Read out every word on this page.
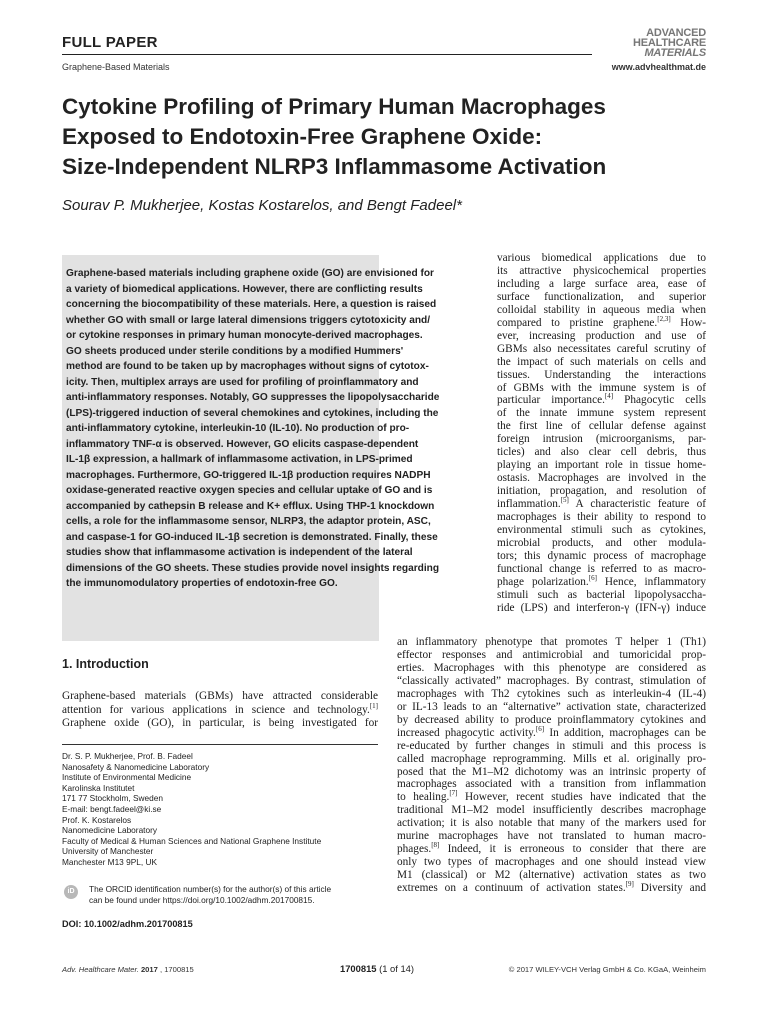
FULL PAPER
Graphene-Based Materials
ADVANCED
HEALTHCARE
MATERIALS
www.advhealthmat.de
Cytokine Profiling of Primary Human Macrophages
Exposed to Endotoxin-Free Graphene Oxide:
Size-Independent NLRP3 Inflammasome Activation
Sourav P. Mukherjee, Kostas Kostarelos, and Bengt Fadeel*
Graphene-based materials including graphene oxide (GO) are envisioned for
a variety of biomedical applications. However, there are conflicting results
concerning the biocompatibility of these materials. Here, a question is raised
whether GO with small or large lateral dimensions triggers cytotoxicity and/
or cytokine responses in primary human monocyte-derived macrophages.
GO sheets produced under sterile conditions by a modified Hummers'
method are found to be taken up by macrophages without signs of cytotox-
icity. Then, multiplex arrays are used for profiling of proinflammatory and
anti-inflammatory responses. Notably, GO suppresses the lipopolysaccharide
(LPS)-triggered induction of several chemokines and cytokines, including the
anti-inflammatory cytokine, interleukin-10 (IL-10). No production of pro-
inflammatory TNF-α is observed. However, GO elicits caspase-dependent
IL-1β expression, a hallmark of inflammasome activation, in LPS-primed
macrophages. Furthermore, GO-triggered IL-1β production requires NADPH
oxidase-generated reactive oxygen species and cellular uptake of GO and is
accompanied by cathepsin B release and K+ efflux. Using THP-1 knockdown
cells, a role for the inflammasome sensor, NLRP3, the adaptor protein, ASC,
and caspase-1 for GO-induced IL-1β secretion is demonstrated. Finally, these
studies show that inflammasome activation is independent of the lateral
dimensions of the GO sheets. These studies provide novel insights regarding
the immunomodulatory properties of endotoxin-free GO.
1. Introduction
Graphene-based materials (GBMs) have attracted considerable
attention for various applications in science and technology.[1]
Graphene oxide (GO), in particular, is being investigated for
Dr. S. P. Mukherjee, Prof. B. Fadeel
Nanosafety & Nanomedicine Laboratory
Institute of Environmental Medicine
Karolinska Institutet
171 77 Stockholm, Sweden
E-mail: bengt.fadeel@ki.se
Prof. K. Kostarelos
Nanomedicine Laboratory
Faculty of Medical & Human Sciences and National Graphene Institute
University of Manchester
Manchester M13 9PL, UK
iD	The ORCID identification number(s) for the author(s) of this article
can be found under https://doi.org/10.1002/adhm.201700815.
DOI: 10.1002/adhm.201700815
various biomedical applications due to
its attractive physicochemical properties
including a large surface area, ease of
surface functionalization, and superior
colloidal stability in aqueous media when
compared to pristine graphene.[2,3] How-
ever, increasing production and use of
GBMs also necessitates careful scrutiny of
the impact of such materials on cells and
tissues. Understanding the interactions
of GBMs with the immune system is of
particular importance.[4] Phagocytic cells
of the innate immune system represent
the first line of cellular defense against
foreign intrusion (microorganisms, par-
ticles) and also clear cell debris, thus
playing an important role in tissue home-
ostasis. Macrophages are involved in the
initiation, propagation, and resolution of
inflammation.[5] A characteristic feature of
macrophages is their ability to respond to
environmental stimuli such as cytokines,
microbial products, and other modula-
tors; this dynamic process of macrophage
functional change is referred to as macro-
phage polarization.[6] Hence, inflammatory
stimuli such as bacterial lipopolysaccha-
ride (LPS) and interferon-γ (IFN-γ) induce
an inflammatory phenotype that promotes T helper 1 (Th1)
effector responses and antimicrobial and tumoricidal prop-
erties. Macrophages with this phenotype are considered as
“classically activated” macrophages. By contrast, stimulation of
macrophages with Th2 cytokines such as interleukin-4 (IL-4)
or IL-13 leads to an “alternative” activation state, characterized
by decreased ability to produce proinflammatory cytokines and
increased phagocytic activity.[6] In addition, macrophages can be
re-educated by further changes in stimuli and this process is
called macrophage reprogramming. Mills et al. originally pro-
posed that the M1–M2 dichotomy was an intrinsic property of
macrophages associated with a transition from inflammation
to healing.[7] However, recent studies have indicated that the
traditional M1–M2 model insufficiently describes macrophage
activation; it is also notable that many of the markers used for
murine macrophages have not translated to human macro-
phages.[8] Indeed, it is erroneous to consider that there are
only two types of macrophages and one should instead view
M1 (classical) or M2 (alternative) activation states as two
extremes on a continuum of activation states.[9] Diversity and
Adv. Healthcare Mater. 2017 , 1700815	1700815 (1 of 14)	© 2017 WILEY-VCH Verlag GmbH & Co. KGaA, Weinheim
